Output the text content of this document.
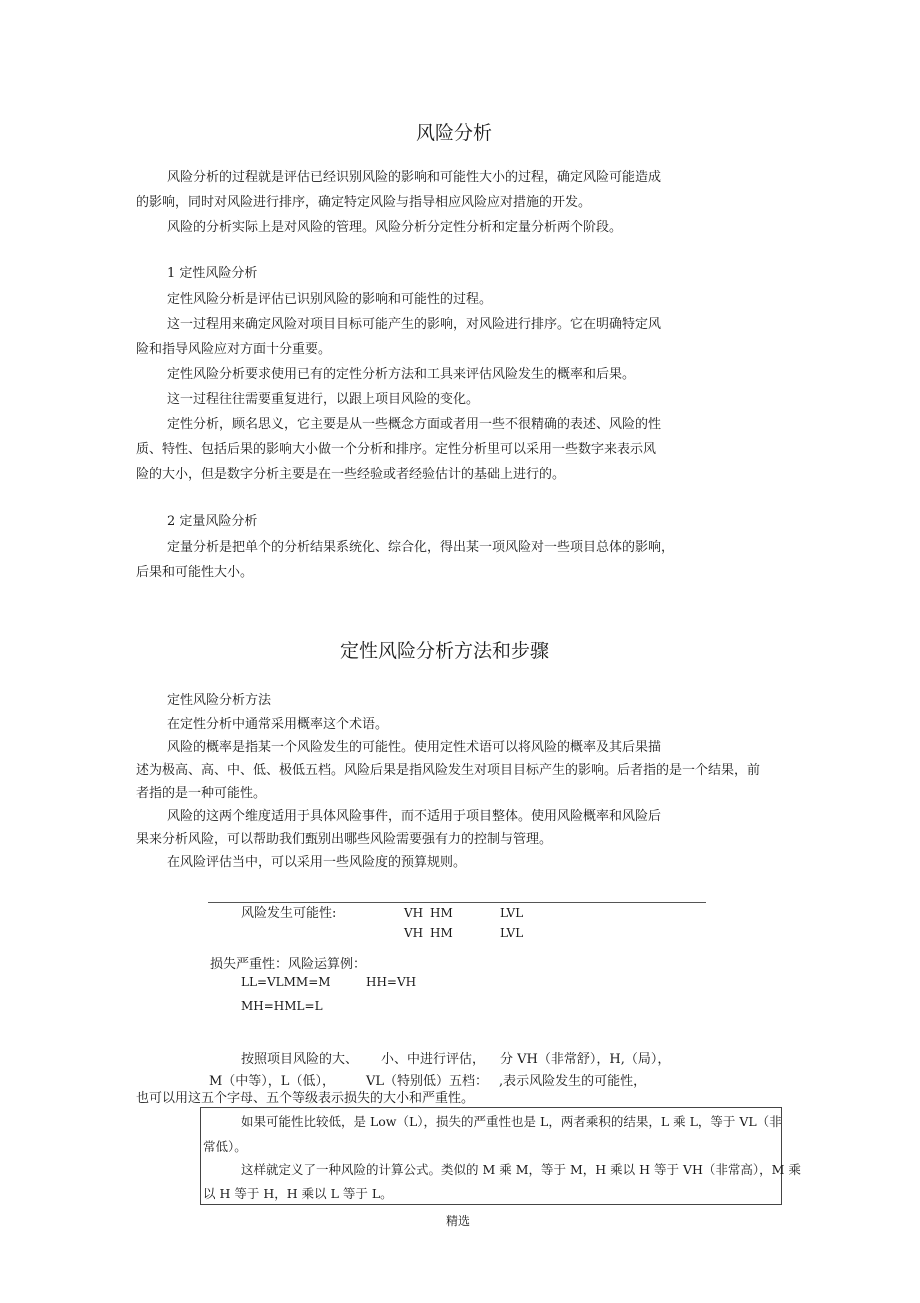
风险分析
风险分析的过程就是评估已经识别风险的影响和可能性大小的过程，确定风险可能造成
的影响，同时对风险进行排序，确定特定风险与指导相应风险应对措施的开发。
风险的分析实际上是对风险的管理。风险分析分定性分析和定量分析两个阶段。
1 定性风险分析
定性风险分析是评估已识别风险的影响和可能性的过程。
这一过程用来确定风险对项目目标可能产生的影响，对风险进行排序。它在明确特定风
险和指导风险应对方面十分重要。
定性风险分析要求使用已有的定性分析方法和工具来评估风险发生的概率和后果。
这一过程往往需要重复进行，以跟上项目风险的变化。
定性分析，顾名思义，它主要是从一些概念方面或者用一些不很精确的表述、风险的性
质、特性、包括后果的影响大小做一个分析和排序。定性分析里可以采用一些数字来表示风
险的大小，但是数字分析主要是在一些经验或者经验估计的基础上进行的。
2 定量风险分析
定量分析是把单个的分析结果系统化、综合化，得出某一项风险对一些项目总体的影响，
后果和可能性大小。
定性风险分析方法和步骤
定性风险分析方法
在定性分析中通常采用概率这个术语。
风险的概率是指某一个风险发生的可能性。使用定性术语可以将风险的概率及其后果描
述为极高、高、中、低、极低五档。风险后果是指风险发生对项目目标产生的影响。后者指的是一个结果，前
者指的是一种可能性。
风险的这两个维度适用于具体风险事件，而不适用于项目整体。使用风险概率和风险后
果来分析风险，可以帮助我们甄别出哪些风险需要强有力的控制与管理。
在风险评估当中，可以采用一些风险度的预算规则。
风险发生可能性:	VH HM	LVL
VH HM	LVL
损失严重性：风险运算例：
LL=VLMM=M	HH=VH
MH=HML=L
按照项目风险的大、 小、中进行评估， 分 VH（非常舒），H,（局），
M（中等），L（低）， VL（特别低）五档： ,表示风险发生的可能性，
也可以用这五个字母、五个等级表示损失的大小和严重性。
如果可能性比较低，是 Low（L），损失的严重性也是 L，两者乘积的结果，L 乘 L，等于 VL（非
常低）。
这样就定义了一种风险的计算公式。类似的 M 乘 M，等于 M，H 乘以 H 等于 VH（非常高），M 乘
以 H 等于 H，H 乘以 L 等于 L。
精选
